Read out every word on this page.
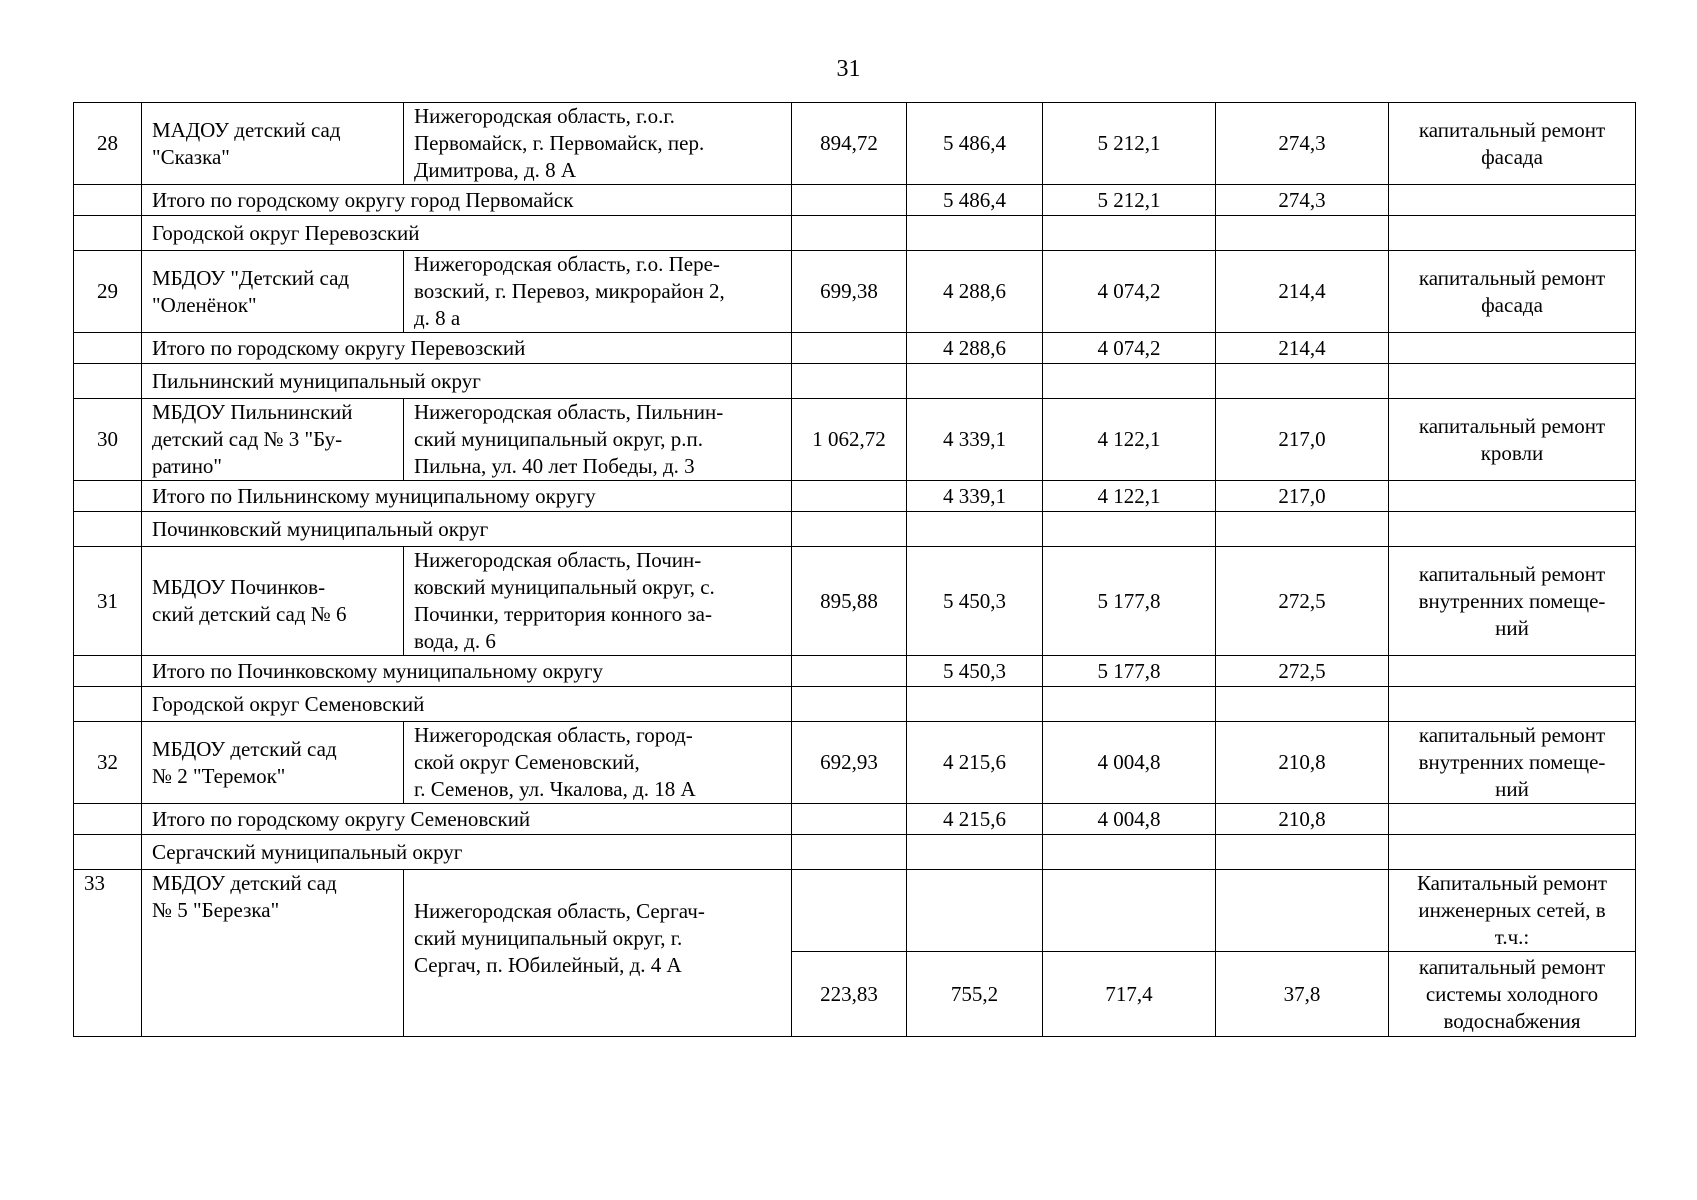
31
28	МАДОУ детский сад
"Сказка"	Нижегородская область, г.о.г.
Первомайск, г. Первомайск, пер.
Димитрова, д. 8 А	894,72	5 486,4	5 212,1	274,3	капитальный ремонт
фасада
	Итого по городскому округу город Первомайск			5 486,4	5 212,1	274,3	
	Городской округ Перевозский						
29	МБДОУ "Детский сад
"Оленёнок"	Нижегородская область, г.о. Пере-
возский, г. Перевоз, микрорайон 2,
д. 8 а	699,38	4 288,6	4 074,2	214,4	капитальный ремонт
фасада
	Итого по городскому округу Перевозский			4 288,6	4 074,2	214,4	
	Пильнинский муниципальный округ						
30	МБДОУ Пильнинский
детский сад № 3 "Бу-
ратино"	Нижегородская область, Пильнин-
ский муниципальный округ, р.п.
Пильна, ул. 40 лет Победы, д. 3	1 062,72	4 339,1	4 122,1	217,0	капитальный ремонт
кровли
	Итого по Пильнинскому муниципальному округу			4 339,1	4 122,1	217,0	
	Починковский муниципальный округ						
31	МБДОУ Починков-
ский детский сад № 6	Нижегородская область, Почин-
ковский муниципальный округ, с.
Починки, территория конного за-
вода, д. 6	895,88	5 450,3	5 177,8	272,5	капитальный ремонт
внутренних помеще-
ний
	Итого по Починковскому муниципальному округу			5 450,3	5 177,8	272,5	
	Городской округ Семеновский						
32	МБДОУ детский сад
№ 2 "Теремок"	Нижегородская область, город-
ской округ Семеновский,
г. Семенов, ул. Чкалова, д. 18 А	692,93	4 215,6	4 004,8	210,8	капитальный ремонт
внутренних помеще-
ний
	Итого по городскому округу Семеновский			4 215,6	4 004,8	210,8	
	Сергачский муниципальный округ						
33	МБДОУ детский сад
№ 5 "Березка"	Нижегородская область, Сергач-
ский муниципальный округ, г.
Сергач, п. Юбилейный, д. 4 А					Капитальный ремонт
инженерных сетей, в
т.ч.:
			223,83	755,2	717,4	37,8	капитальный ремонт
системы холодного
водоснабжения
